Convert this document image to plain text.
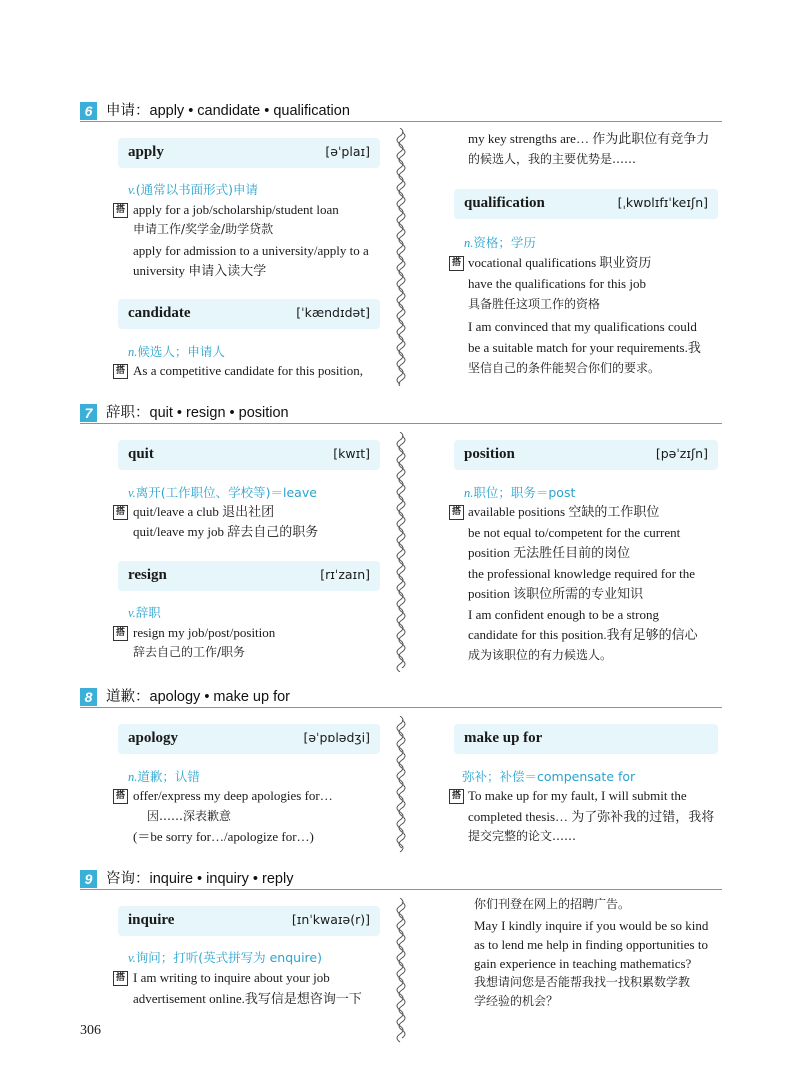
6 申请：apply • candidate • qualification
7 辞职：quit • resign • position
8 道歉：apology • make up for
9 咨询：inquire • inquiry • reply
apply	[əˈplaɪ]
v.(通常以书面形式)申请
搭 apply for a job/scholarship/student loan
申请工作/奖学金/助学贷款
apply for admission to a university/apply to a
university 申请入读大学
candidate	[ˈkændɪdət]
n.候选人；申请人
搭 As a competitive candidate for this position,
my key strengths are… 作为此职位有竞争力
的候选人，我的主要优势是……
qualification	[ˌkwɒlɪfɪˈkeɪʃn]
n.资格；学历
搭 vocational qualifications 职业资历
have the qualifications for this job
具备胜任这项工作的资格
I am convinced that my qualifications could
be a suitable match for your requirements.我
坚信自己的条件能契合你们的要求。
quit	[kwɪt]
v.离开(工作职位、学校等)＝leave
搭 quit/leave a club 退出社团
quit/leave my job 辞去自己的职务
resign	[rɪˈzaɪn]
v.辞职
搭 resign my job/post/position
辞去自己的工作/职务
position	[pəˈzɪʃn]
n.职位；职务＝post
搭 available positions 空缺的工作职位
be not equal to/competent for the current
position 无法胜任目前的岗位
the professional knowledge required for the
position 该职位所需的专业知识
I am confident enough to be a strong
candidate for this position.我有足够的信心
成为该职位的有力候选人。
apology	[əˈpɒlədʒi]
n.道歉；认错
搭 offer/express my deep apologies for…
因……深表歉意
(＝be sorry for…/apologize for…)
make up for
弥补；补偿＝compensate for
搭 To make up for my fault, I will submit the
completed thesis… 为了弥补我的过错，我将
提交完整的论文……
inquire	[ɪnˈkwaɪə(r)]
v.询问；打听(英式拼写为 enquire)
搭 I am writing to inquire about your job
advertisement online.我写信是想咨询一下
你们刊登在网上的招聘广告。
May I kindly inquire if you would be so kind
as to lend me help in finding opportunities to
gain experience in teaching mathematics?
我想请问您是否能帮我找一找积累数学教
学经验的机会？
306
